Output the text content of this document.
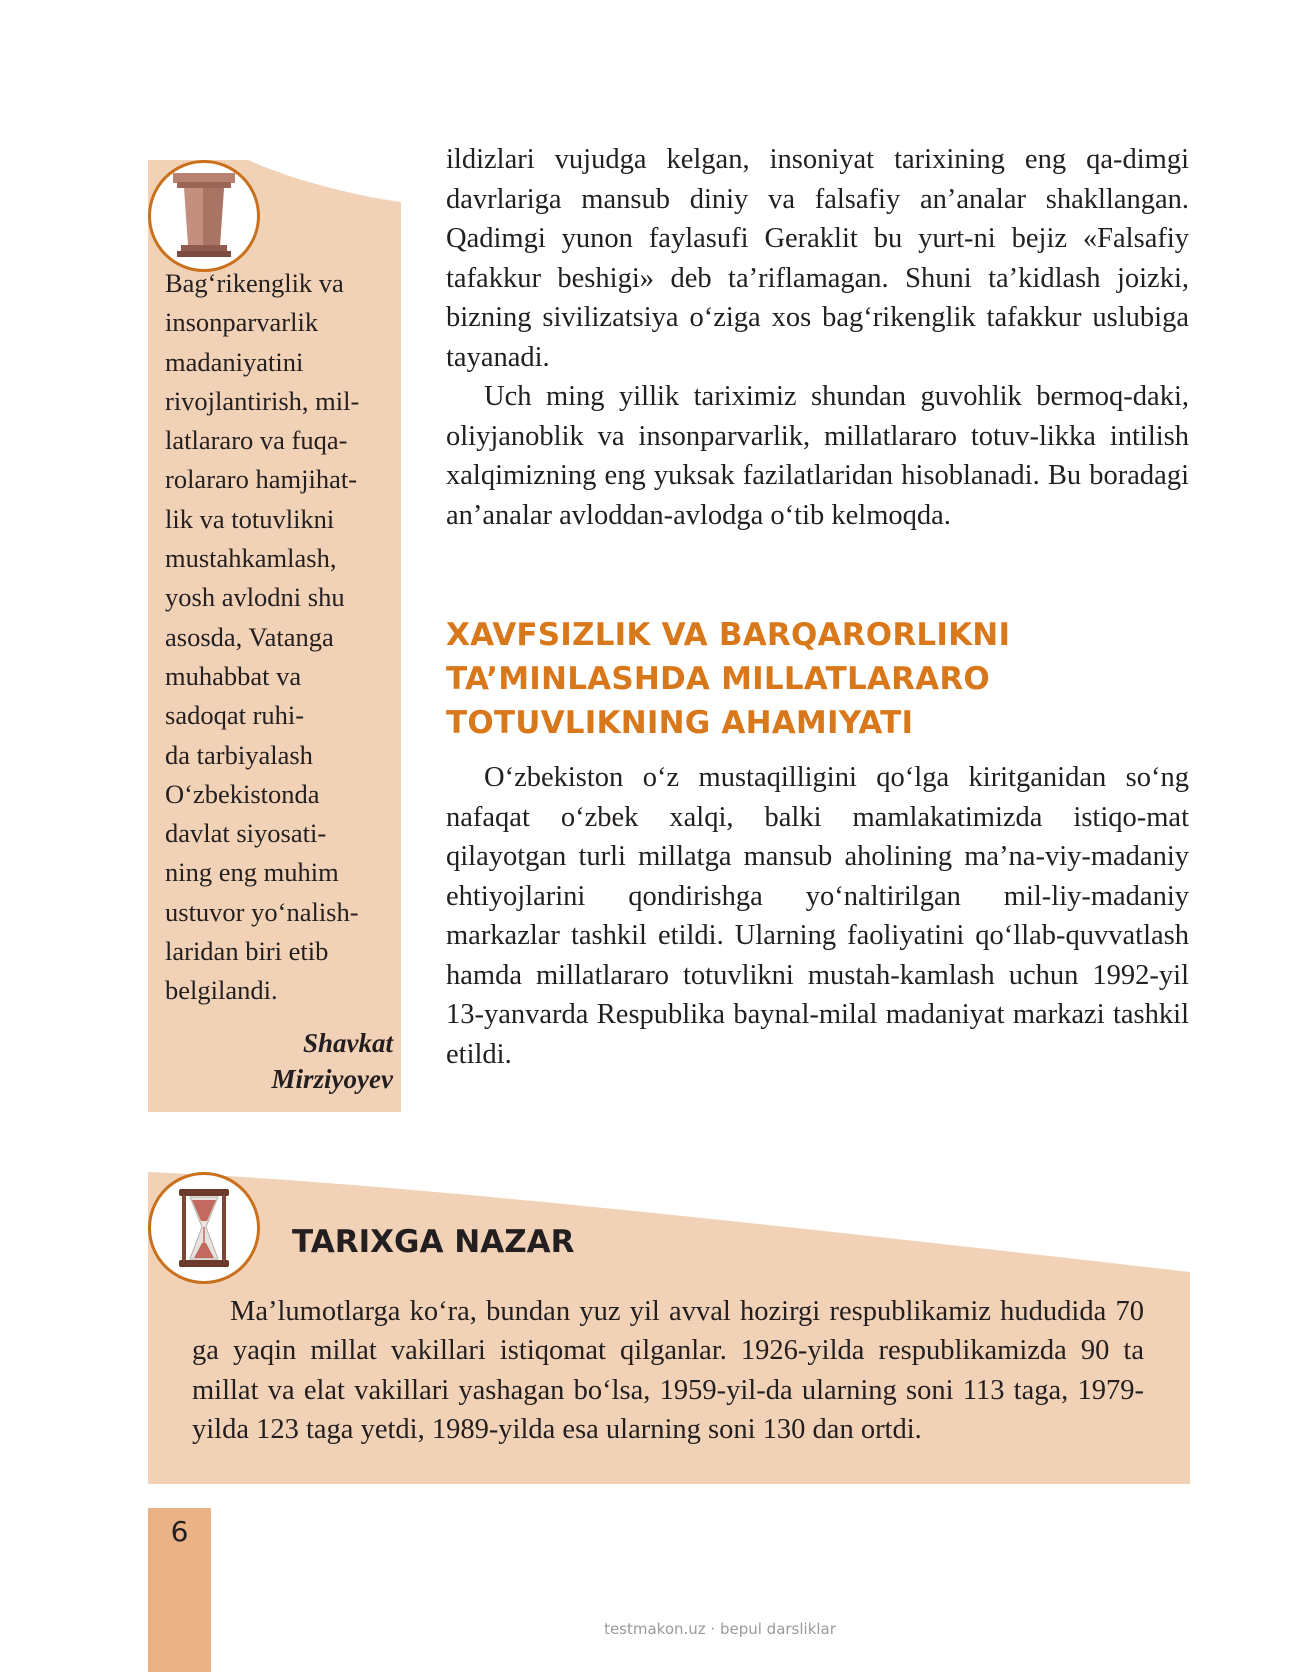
Bag‘rikenglik va
insonparvarlik
madaniyatini
rivojlantirish, mil-
latlararo va fuqa-
rolararo hamjihat-
lik va totuvlikni
mustahkamlash,
yosh avlodni shu
asosda, Vatanga
muhabbat va
sadoqat ruhi-
da tarbiyalash
O‘zbekistonda
davlat siyosati-
ning eng muhim
ustuvor yo‘nalish-
laridan biri etib
belgilandi.
Shavkat
Mirziyoyev

ildizlari vujudga kelgan, insoniyat tarixining eng qa-dimgi davrlariga mansub diniy va falsafiy an’analar shakllangan. Qadimgi yunon faylasufi Geraklit bu yurt-ni bejiz «Falsafiy tafakkur beshigi» deb ta’riflamagan. Shuni ta’kidlash joizki, bizning sivilizatsiya o‘ziga xos bag‘rikenglik tafakkur uslubiga tayanadi.

Uch ming yillik tariximiz shundan guvohlik bermoq-daki, oliyjanoblik va insonparvarlik, millatlararo totuv-likka intilish xalqimizning eng yuksak fazilatlaridan hisoblanadi. Bu boradagi an’analar avloddan-avlodga o‘tib kelmoqda.

XAVFSIZLIK VA BARQARORLIKNI
TA’MINLASHDA MILLATLARARO
TOTUVLIKNING AHAMIYATI

O‘zbekiston o‘z mustaqilligini qo‘lga kiritganidan so‘ng nafaqat o‘zbek xalqi, balki mamlakatimizda istiqo-mat qilayotgan turli millatga mansub aholining ma’na-viy-madaniy ehtiyojlarini qondirishga yo‘naltirilgan mil-liy-madaniy markazlar tashkil etildi. Ularning faoliyatini qo‘llab-quvvatlash hamda millatlararo totuvlikni mustah-kamlash uchun 1992-yil 13-yanvarda Respublika baynal-milal madaniyat markazi tashkil etildi.

TARIXGA NAZAR

Ma’lumotlarga ko‘ra, bundan yuz yil avval hozirgi respublikamiz hududida 70 ga yaqin millat vakillari istiqomat qilganlar. 1926-yilda respublikamizda 90 ta millat va elat vakillari yashagan bo‘lsa, 1959-yil-da ularning soni 113 taga, 1979-yilda 123 taga yetdi, 1989-yilda esa ularning soni 130 dan ortdi.

6
testmakon.uz · bepul darsliklar
